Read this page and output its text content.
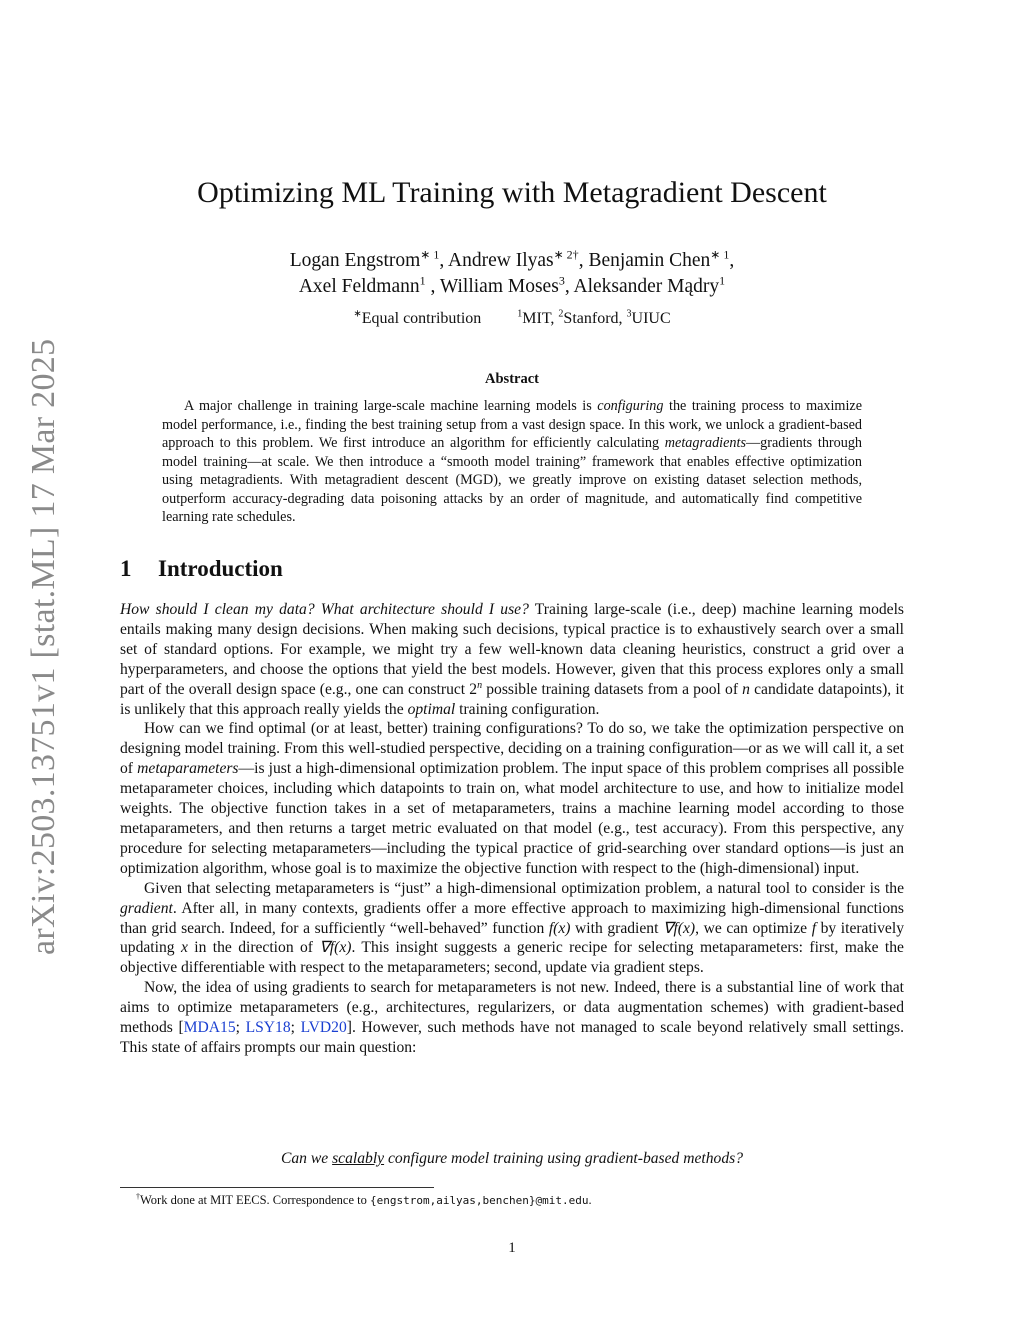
arXiv:2503.13751v1 [stat.ML] 17 Mar 2025
Optimizing ML Training with Metagradient Descent
Logan Engstrom$^{∗ 1}$, Andrew Ilyas$^{∗ 2\dagger}$, Benjamin Chen$^{∗ 1}$,
Axel Feldmann$^1$ , William Moses$^3$, Aleksander Mądry$^1$
∗Equal contribution	$^1$MIT, $^2$Stanford, $^3$UIUC
Abstract

A major challenge in training large-scale machine learning models is configuring the training process to maximize model performance, i.e., finding the best training setup from a vast design space. In this work, we unlock a gradient-based approach to this problem. We first introduce an algorithm for efficiently calculating metagradients—gradients through model training—at scale. We then introduce a “smooth model training” framework that enables effective optimization using metagradients. With metagradient descent (MGD), we greatly improve on existing dataset selection methods, outperform accuracy-degrading data poisoning attacks by an order of magnitude, and automatically find competitive learning rate schedules.

1 Introduction

How should I clean my data? What architecture should I use? Training large-scale (i.e., deep) machine learning models entails making many design decisions. When making such decisions, typical practice is to exhaustively search over a small set of standard options. For example, we might try a few well-known data cleaning heuristics, construct a grid over a hyperparameters, and choose the options that yield the best models. However, given that this process explores only a small part of the overall design space (e.g., one can construct 2$^n$ possible training datasets from a pool of n candidate datapoints), it is unlikely that this approach really yields the optimal training configuration.

How can we find optimal (or at least, better) training configurations? To do so, we take the optimization perspective on designing model training. From this well-studied perspective, deciding on a training configuration—or as we will call it, a set of metaparameters—is just a high-dimensional optimization problem. The input space of this problem comprises all possible metaparameter choices, including which datapoints to train on, what model architecture to use, and how to initialize model weights. The objective function takes in a set of metaparameters, trains a machine learning model according to those metaparameters, and then returns a target metric evaluated on that model (e.g., test accuracy). From this perspective, any procedure for selecting metaparameters—including the typical practice of grid-searching over standard options—is just an optimization algorithm, whose goal is to maximize the objective function with respect to the (high-dimensional) input.

Given that selecting metaparameters is “just” a high-dimensional optimization problem, a natural tool to consider is the gradient. After all, in many contexts, gradients offer a more effective approach to maximizing high-dimensional functions than grid search. Indeed, for a sufficiently “well-behaved” function f(x) with gradient ∇f(x), we can optimize f by iteratively updating x in the direction of ∇f(x). This insight suggests a generic recipe for selecting metaparameters: first, make the objective differentiable with respect to the metaparameters; second, update via gradient steps.

Now, the idea of using gradients to search for metaparameters is not new. Indeed, there is a substantial line of work that aims to optimize metaparameters (e.g., architectures, regularizers, or data augmentation schemes) with gradient-based methods [MDA15; LSY18; LVD20]. However, such methods have not managed to scale beyond relatively small settings. This state of affairs prompts our main question:

Can we scalably configure model training using gradient-based methods?
†Work done at MIT EECS. Correspondence to {engstrom,ailyas,benchen}@mit.edu.
1
